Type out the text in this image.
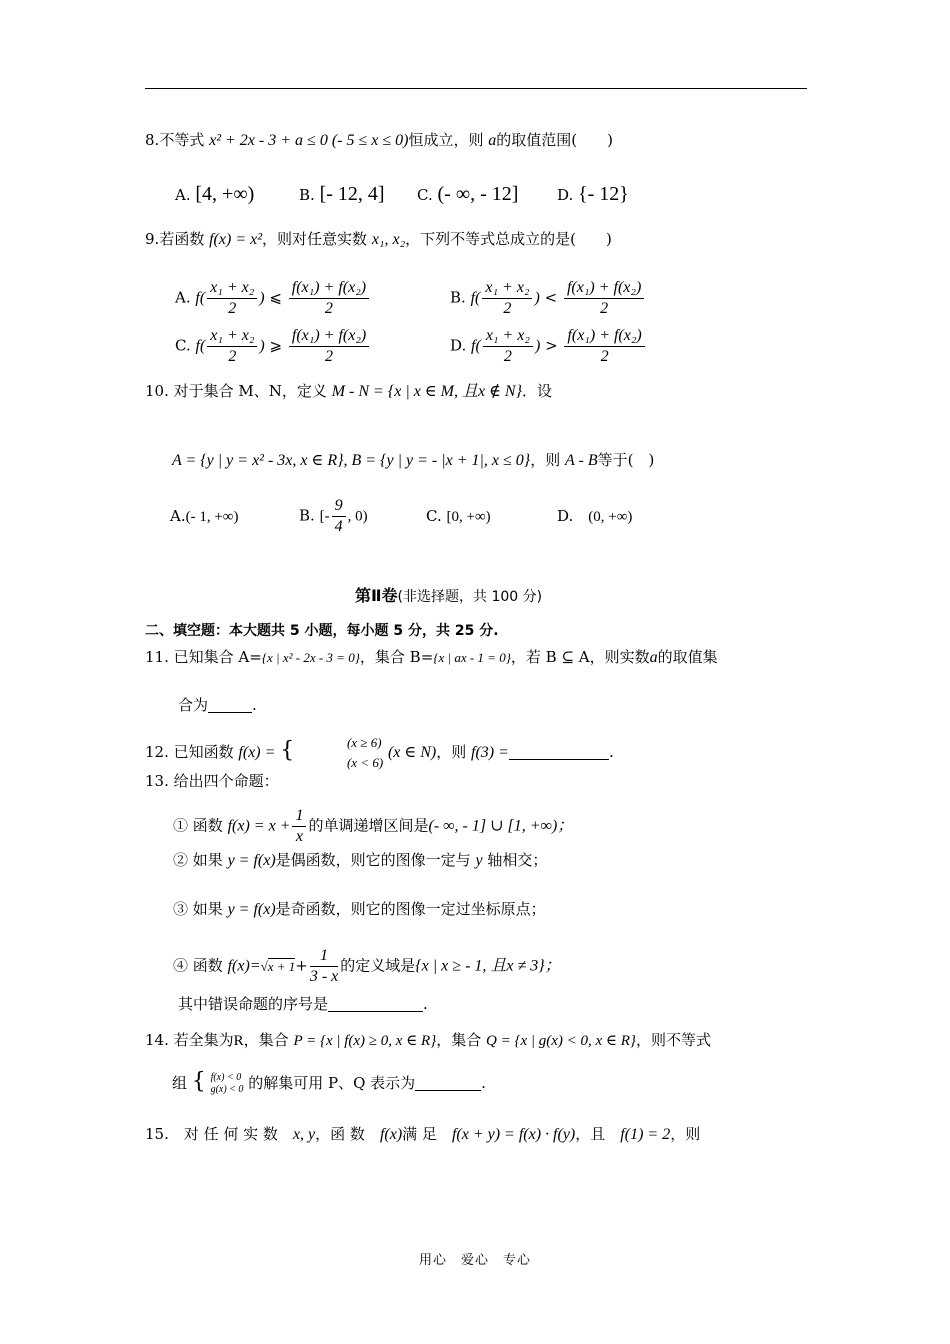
8.不等式 x² + 2x - 3 + a ≤ 0 (- 5 ≤ x ≤ 0)恒成立，则 a的取值范围(　　)
A. [4, +∞)	B. [- 12, 4] C. (- ∞, - 12]	D. {- 12}
9.若函数 f(x) = x²，则对任意实数 x₁, x₂，下列不等式总成立的是(　　)
A. $f( \frac{\text{x₁ + x₂}}{2}$ ) ⩽ $\frac{\text{f(x₁) + f(x₂)}}{2}$	B. $f( \frac{\text{x₁ + x₂}}{2}$ ) < $\frac{\text{f(x₁) + f(x₂)}}{2}$
C. $f( \frac{\text{x₁ + x₂}}{2}$ ) ⩾ $\frac{\text{f(x₁) + f(x₂)}}{2}$	D. $f( \frac{\text{x₁ + x₂}}{2}$ ) > $\frac{\text{f(x₁) + f(x₂)}}{2}$
10. 对于集合 M、N，定义 M - N = {x | x ∈ M, 且x ∉ N}．设
A = {y | y = x² - 3x, x ∈ R}, B = {y | y = - |x + 1|, x ≤ 0}，则 A - B等于(　)
A.(- 1, +∞)	B. [- $\frac{9}{4}$ , 0)	C. [0, +∞)	D.　 (0, +∞)
第Ⅱ卷(非选择题，共 100 分)
二、填空题：本大题共 5 小题，每小题 5 分，共 25 分.
11. 已知集合 A={x | x² - 2x - 3 = 0}，集合 B={x | ax - 1 = 0}，若 B ⊆ A，则实数a的取值集
合为	.
12. 已知函数 f(x) = {	(x ≥ 6)
(x < 6)
(x ∈ N)，则 f(3) =	.
13. 给出四个命题：
① 函数 $f(x) = x + \frac{1}{x}$ 的单调递增区间是(- ∞, - 1] ∪ [1, +∞)；
② 如果 y = f(x)是偶函数，则它的图像一定与 y 轴相交；
③ 如果 y = f(x)是奇函数，则它的图像一定过坐标原点；
④ 函数 $f(x)=√x + 1+ \frac{1}{3 - x}$ 的定义域是{x | x ≥ - 1, 且x ≠ 3}；
其中错误命题的序号是	.
14. 若全集为R，集合 P = {x | f(x) ≥ 0, x ∈ R}，集合 Q = {x | g(x) < 0, x ∈ R}，则不等式
组 { f(x) < 0
g(x) < 0 的解集可用 P、Q 表示为	.
15.　对 任 何 实 数　 x, y，函 数　 f(x)满 足　 f(x + y) = f(x) · f(y)，且　 f(1) = 2，则
用心　爱心　专心
